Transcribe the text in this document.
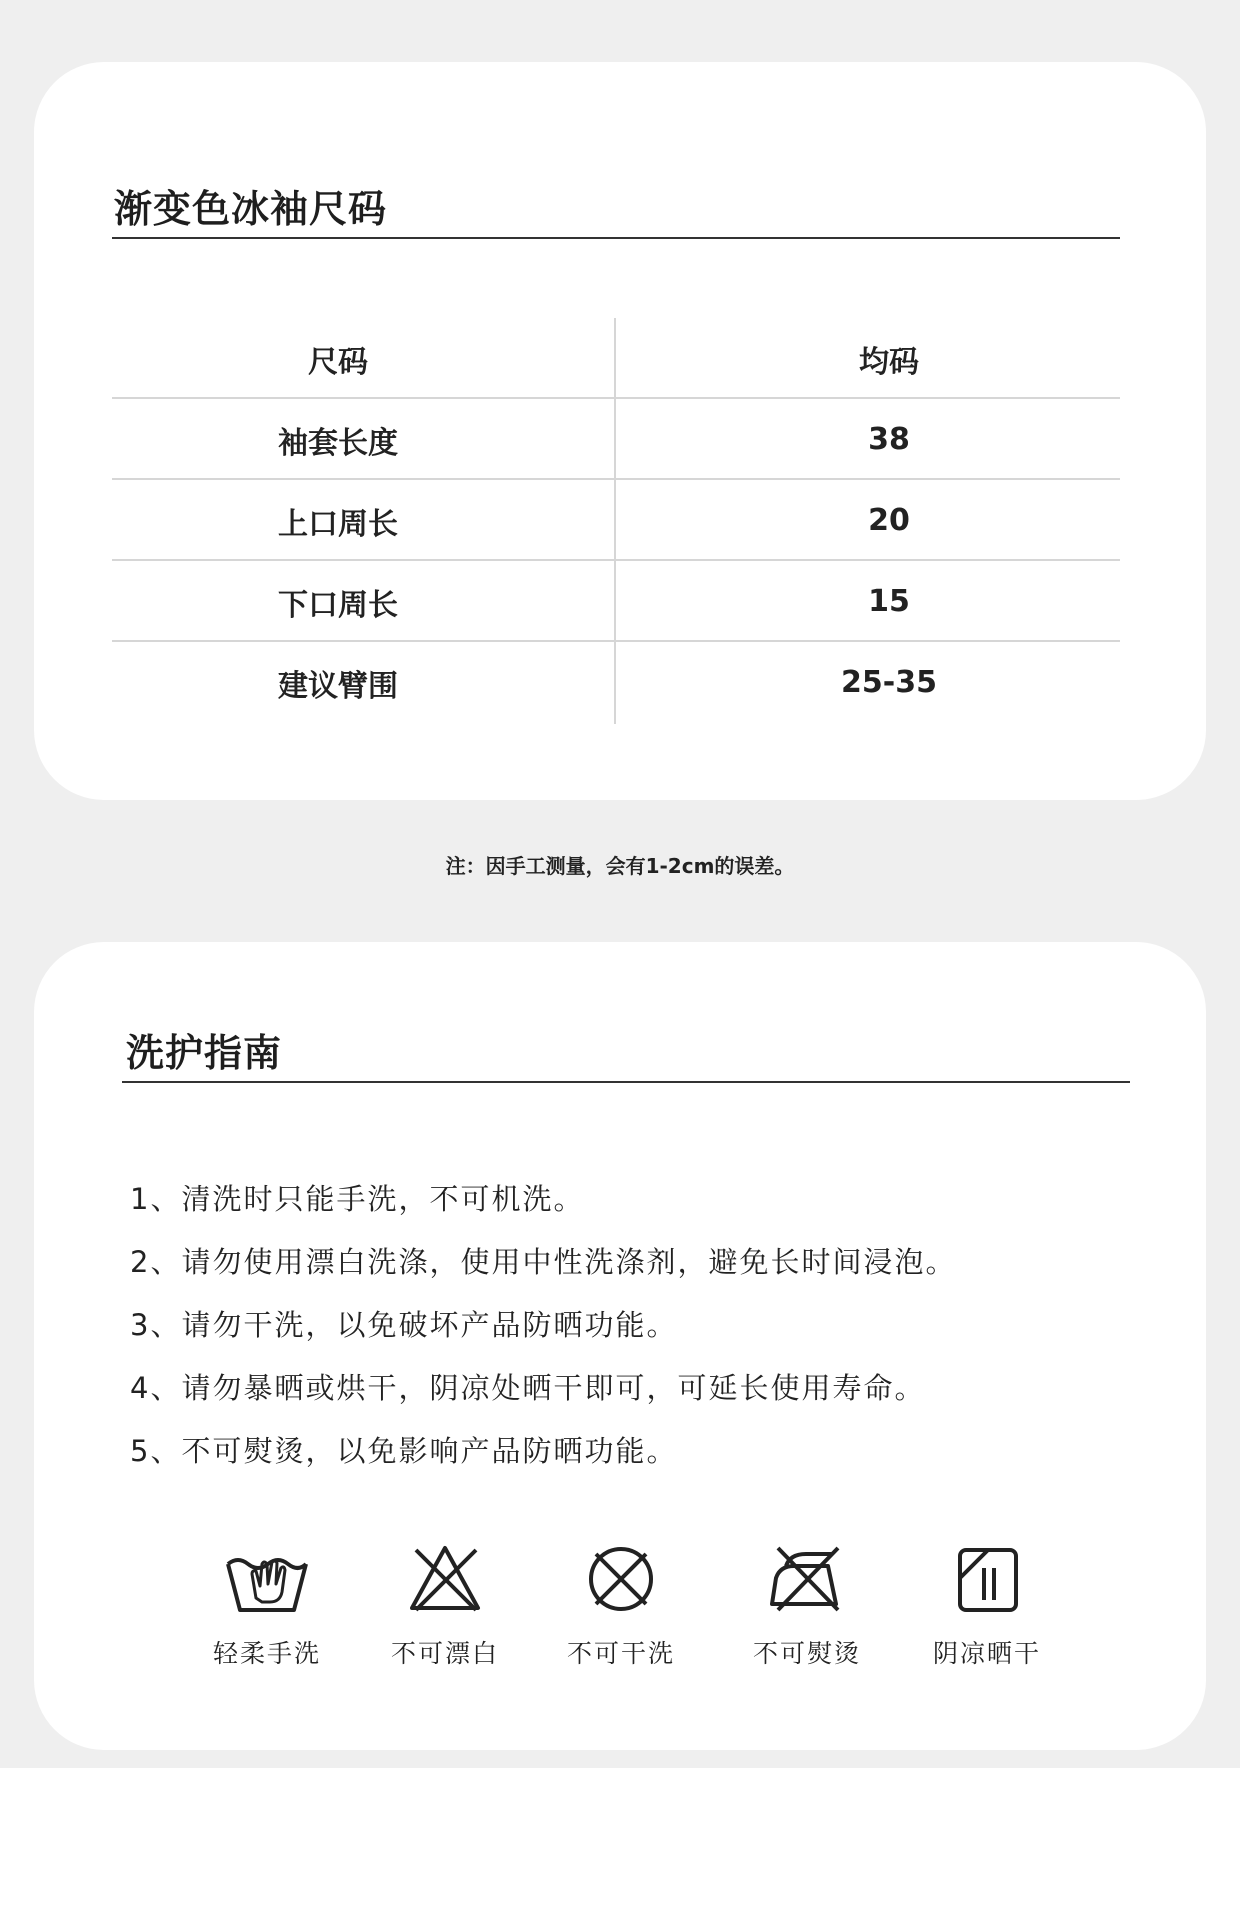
渐变色冰袖尺码
尺码	均码
袖套长度	38
上口周长	20
下口周长	15
建议臂围	25-35
注：因手工测量，会有1-2cm的误差。
洗护指南
1、清洗时只能手洗，不可机洗。
2、请勿使用漂白洗涤，使用中性洗涤剂，避免长时间浸泡。
3、请勿干洗，以免破坏产品防晒功能。
4、请勿暴晒或烘干，阴凉处晒干即可，可延长使用寿命。
5、不可熨烫，以免影响产品防晒功能。
轻柔手洗	不可漂白	不可干洗	不可熨烫	阴凉晒干
